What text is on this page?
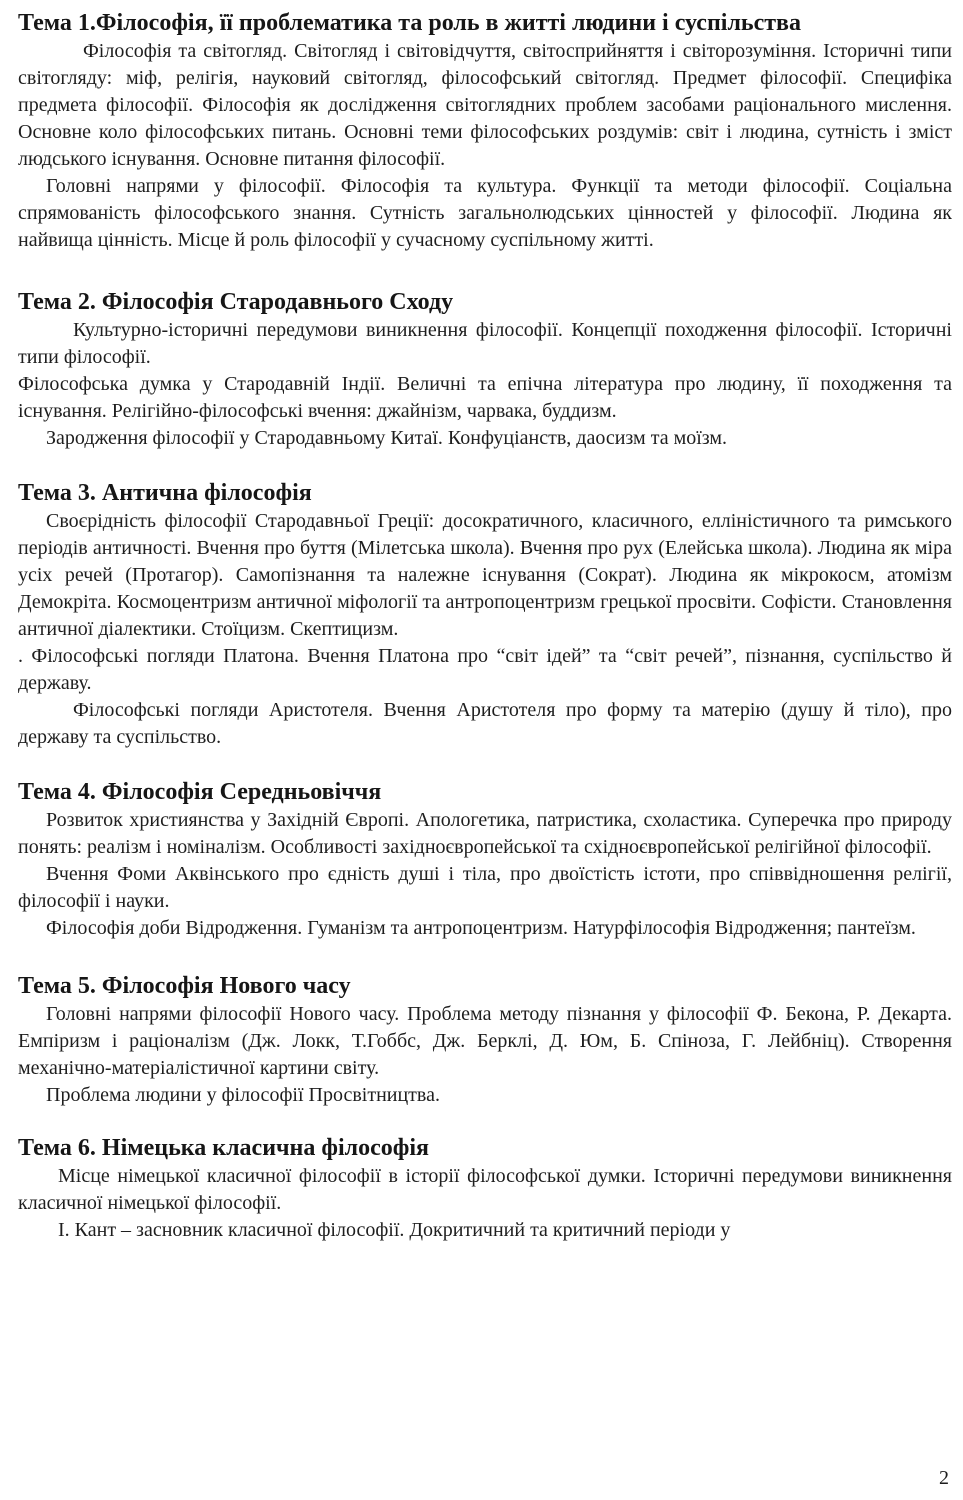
Тема 1.Філософія, її проблематика та роль в житті людини і суспільства

Філософія та світогляд. Світогляд і світовідчуття, світосприйняття і світорозуміння. Історичні типи світогляду: міф, релігія, науковий світогляд, філософський світогляд. Предмет філософії. Специфіка предмета філософії. Філософія як дослідження світоглядних проблем засобами раціонального мислення. Основне коло філософських питань. Основні теми філософських роздумів: світ і людина, сутність і зміст людського існування. Основне питання філософії.

Головні напрями у філософії. Філософія та культура. Функції та методи філософії. Соціальна спрямованість філософського знання. Сутність загальнолюдських цінностей у філософії. Людина як найвища цінність. Місце й роль філософії у сучасному суспільному житті.

Тема 2. Філософія Стародавнього Сходу

Культурно-історичні передумови виникнення філософії. Концепції походження філософії. Історичні типи філософії.

Філософська думка у Стародавній Індії. Величні та епічна література про людину, її походження та існування. Релігійно-філософські вчення: джайнізм, чарвака, буддизм.

Зародження філософії у Стародавньому Китаї. Конфуціанств, даосизм та моїзм.

Тема 3. Антична філософія

Своєрідність філософії Стародавньої Греції: досократичного, класичного, елліністичного та римського періодів античності. Вчення про буття (Мілетська школа). Вчення про рух (Елейська школа). Людина як міра усіх речей (Протагор). Самопізнання та належне існування (Сократ). Людина як мікрокосм, атомізм Демокріта. Космоцентризм античної міфології та антропоцентризм грецької просвіти. Софісти. Становлення античної діалектики. Стоїцизм. Скептицизм.

. Філософські погляди Платона. Вчення Платона про “світ ідей” та “світ речей”, пізнання, суспільство й державу.

Філософські погляди Аристотеля. Вчення Аристотеля про форму та матерію (душу й тіло), про державу та суспільство.

Тема 4. Філософія Середньовіччя

Розвиток християнства у Західній Європі. Апологетика, патристика, схоластика. Суперечка про природу понять: реалізм і номіналізм. Особливості західноєвропейської та східноєвропейської релігійної філософії.

Вчення Фоми Аквінського про єдність душі і тіла, про двоїстість істоти, про співвідношення релігії, філософії і науки.

Філософія доби Відродження. Гуманізм та антропоцентризм. Натурфілософія Відродження; пантеїзм.

Тема 5. Філософія Нового часу

Головні напрями філософії Нового часу. Проблема методу пізнання у філософії Ф. Бекона, Р. Декарта. Емпіризм і раціоналізм (Дж. Локк, Т.Гоббс, Дж. Берклі, Д. Юм, Б. Спіноза, Г. Лейбніц). Створення механічно-матеріалістичної картини світу.

Проблема людини у філософії Просвітництва.

Тема 6. Німецька класична філософія

Місце німецької класичної філософії в історії філософської думки. Історичні передумови виникнення класичної німецької філософії.

І. Кант – засновник класичної філософії. Докритичний та критичний періоди у

2
